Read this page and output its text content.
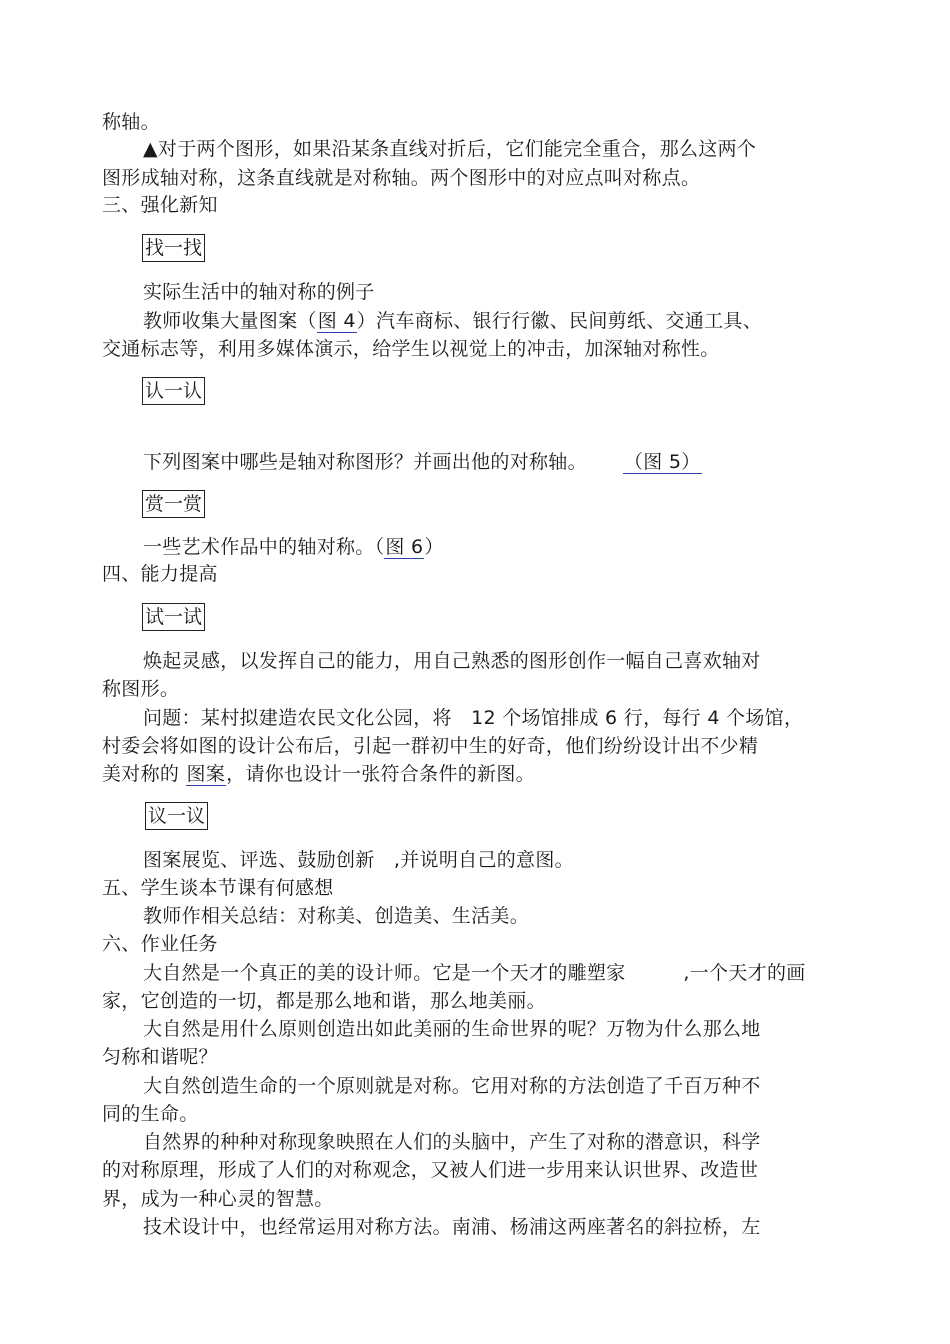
称轴。
▲对于两个图形，如果沿某条直线对折后，它们能完全重合，那么这两个
图形成轴对称，这条直线就是对称轴。两个图形中的对应点叫对称点。
三、强化新知
找一找
实际生活中的轴对称的例子
教师收集大量图案（图 4）汽车商标、银行行徽、民间剪纸、交通工具、
交通标志等，利用多媒体演示，给学生以视觉上的冲击，加深轴对称性。
认一认
下列图案中哪些是轴对称图形？并画出他的对称轴。 （图 5）
赏一赏
一些艺术作品中的轴对称。（图 6）
四、能力提高
试一试
焕起灵感，以发挥自己的能力，用自己熟悉的图形创作一幅自己喜欢轴对
称图形。
问题：某村拟建造农民文化公园，将　12 个场馆排成 6 行，每行 4 个场馆，
村委会将如图的设计公布后，引起一群初中生的好奇，他们纷纷设计出不少精
美对称的 图案，请你也设计一张符合条件的新图。
议一议
图案展览、评选、鼓励创新　,并说明自己的意图。
五、学生谈本节课有何感想
教师作相关总结：对称美、创造美、生活美。
六、作业任务
大自然是一个真正的美的设计师。它是一个天才的雕塑家　　　,一个天才的画
家，它创造的一切，都是那么地和谐，那么地美丽。
大自然是用什么原则创造出如此美丽的生命世界的呢？万物为什么那么地
匀称和谐呢？
大自然创造生命的一个原则就是对称。它用对称的方法创造了千百万种不
同的生命。
自然界的种种对称现象映照在人们的头脑中，产生了对称的潜意识，科学
的对称原理，形成了人们的对称观念，又被人们进一步用来认识世界、改造世
界，成为一种心灵的智慧。
技术设计中，也经常运用对称方法。南浦、杨浦这两座著名的斜拉桥，左
